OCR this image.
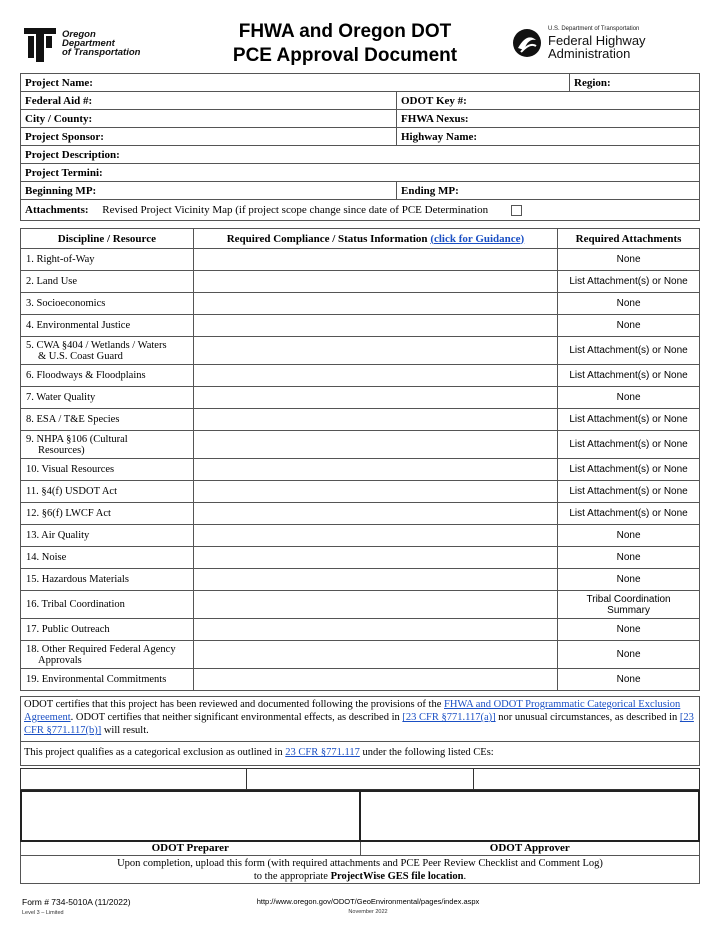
Oregon
Department
of Transportation
FHWA and Oregon DOT
PCE Approval Document
U.S. Department of Transportation
Federal Highway
Administration
Project Name:		Region:
Federal Aid #:	ODOT Key #:	
City / County:	FHWA Nexus:	
Project Sponsor:	Highway Name:	
Project Description:		
Project Termini:		
Beginning MP:	Ending MP:	
Attachments: Revised Project Vicinity Map (if project scope change since date of PCE Determination		
Discipline / Resource	Required Compliance / Status Information (click for Guidance)	Required Attachments

1. Right-of-Way		None

2. Land Use		List Attachment(s) or None

3. Socioeconomics		None

4. Environmental Justice		None

5. CWA §404 / Wetlands / Waters
& U.S. Coast Guard		List Attachment(s) or None

6. Floodways & Floodplains		List Attachment(s) or None

7. Water Quality		None

8. ESA / T&E Species		List Attachment(s) or None

9. NHPA §106 (Cultural
Resources)		List Attachment(s) or None

10. Visual Resources		List Attachment(s) or None

11. §4(f) USDOT Act		List Attachment(s) or None

12. §6(f) LWCF Act		List Attachment(s) or None

13. Air Quality		None

14. Noise		None

15. Hazardous Materials		None

16. Tribal Coordination		Tribal Coordination
Summary

17. Public Outreach		None

18. Other Required Federal Agency
Approvals		None

19. Environmental Commitments		None
ODOT certifies that this project has been reviewed and documented following the provisions of the FHWA and ODOT Programmatic Categorical Exclusion Agreement. ODOT certifies that neither significant environmental effects, as described in [23 CFR §771.117(a)] nor unusual circumstances, as described in [23 CFR §771.117(b)] will result.
This project qualifies as a categorical exclusion as outlined in 23 CFR §771.117 under the following listed CEs:
ODOT Preparer	ODOT Approver
Upon completion, upload this form (with required attachments and PCE Peer Review Checklist and Comment Log)
to the appropriate ProjectWise GES file location.
Form # 734-5010A (11/2022)
Level 3 – Limited
http://www.oregon.gov/ODOT/GeoEnvironmental/pages/index.aspx
November 2022
